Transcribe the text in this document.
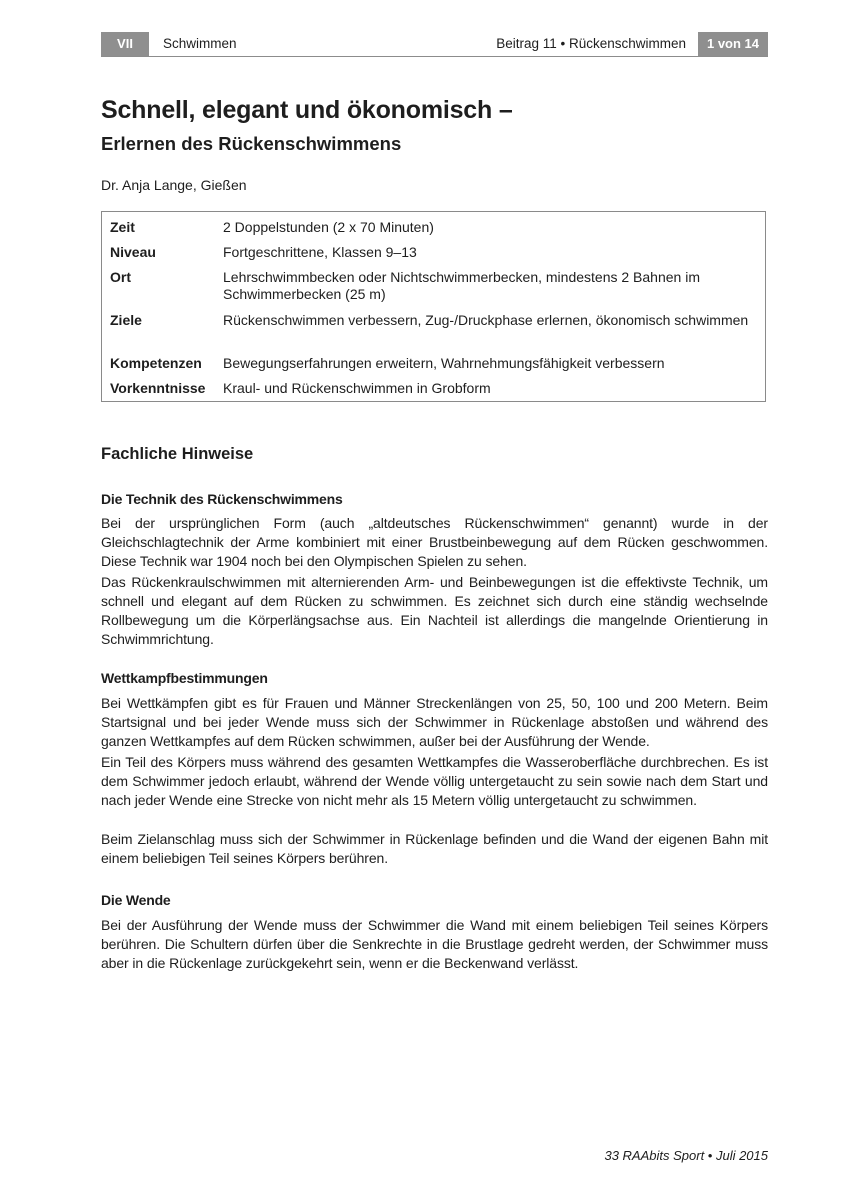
VII	Schwimmen	Beitrag 11 • Rückenschwimmen	1 von 14
Schnell, elegant und ökonomisch –
Erlernen des Rückenschwimmens
Dr. Anja Lange, Gießen
Zeit	2 Doppelstunden (2 x 70 Minuten)
Niveau	Fortgeschrittene, Klassen 9–13
Ort	Lehrschwimmbecken oder Nichtschwimmerbecken, mindestens 2 Bahnen im Schwimmerbecken (25 m)
Ziele	Rückenschwimmen verbessern, Zug-/Druckphase erlernen, ökonomisch schwimmen
Kompetenzen Bewegungserfahrungen erweitern, Wahrnehmungsfähigkeit verbessern
Vorkenntnisse Kraul- und Rückenschwimmen in Grobform
Fachliche Hinweise
Die Technik des Rückenschwimmens

Bei der ursprünglichen Form (auch „altdeutsches Rückenschwimmen“ genannt) wurde in der Gleichschlagtechnik der Arme kombiniert mit einer Brustbeinbewegung auf dem Rücken geschwommen. Diese Technik war 1904 noch bei den Olympischen Spielen zu sehen.

Das Rückenkraulschwimmen mit alternierenden Arm- und Beinbewegungen ist die effektivste Technik, um schnell und elegant auf dem Rücken zu schwimmen. Es zeichnet sich durch eine ständig wechselnde Rollbewegung um die Körperlängsachse aus. Ein Nachteil ist allerdings die mangelnde Orientierung in Schwimmrichtung.

Wettkampfbestimmungen

Bei Wettkämpfen gibt es für Frauen und Männer Streckenlängen von 25, 50, 100 und 200 Metern. Beim Startsignal und bei jeder Wende muss sich der Schwimmer in Rückenlage abstoßen und während des ganzen Wettkampfes auf dem Rücken schwimmen, außer bei der Ausführung der Wende.

Ein Teil des Körpers muss während des gesamten Wettkampfes die Wasseroberfläche durchbrechen. Es ist dem Schwimmer jedoch erlaubt, während der Wende völlig untergetaucht zu sein sowie nach dem Start und nach jeder Wende eine Strecke von nicht mehr als 15 Metern völlig untergetaucht zu schwimmen.

Beim Zielanschlag muss sich der Schwimmer in Rückenlage befinden und die Wand der eigenen Bahn mit einem beliebigen Teil seines Körpers berühren.

Die Wende

Bei der Ausführung der Wende muss der Schwimmer die Wand mit einem beliebigen Teil seines Körpers berühren. Die Schultern dürfen über die Senkrechte in die Brustlage gedreht werden, der Schwimmer muss aber in die Rückenlage zurückgekehrt sein, wenn er die Beckenwand verlässt.

33 RAAbits Sport • Juli 2015
